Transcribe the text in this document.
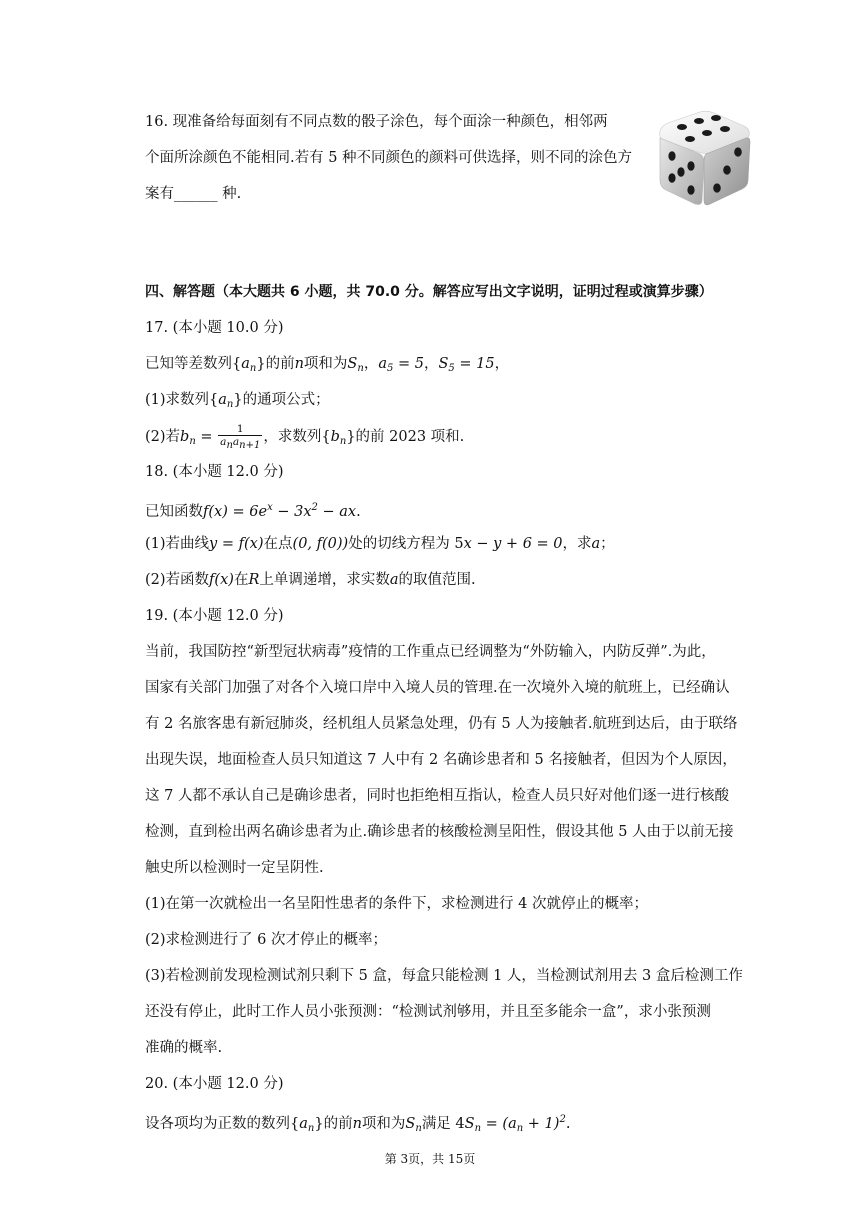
16. 现准备给每面刻有不同点数的骰子涂色，每个面涂一种颜色，相邻两
个面所涂颜色不能相同.若有 5 种不同颜色的颜料可供选择，则不同的涂色方
案有______ 种.
四、解答题（本大题共 6 小题，共 70.0 分。解答应写出文字说明，证明过程或演算步骤）
17. (本小题 10.0 分)
已知等差数列$\{a_n\}$的前n项和为$S_n$，$a_5 = 5$，$S_5 = 15$，
(1)求数列$\{a_n\}$的通项公式；
(2)若$b_n = \frac{1}{a_na_{n+1}}$ ，求数列$\{b_n\}$的前 2023 项和.
18. (本小题 12.0 分)
已知函数$f(x) = 6e^x - 3x^2$ − ax.
(1)若曲线y = f(x)在点(0, f(0))处的切线方程为 5x − y + 6 = 0，求a；
(2)若函数f(x)在R上单调递增，求实数a的取值范围.
19. (本小题 12.0 分)
当前，我国防控“新型冠状病毒”疫情的工作重点已经调整为“外防输入，内防反弹”.为此，
国家有关部门加强了对各个入境口岸中入境人员的管理.在一次境外入境的航班上，已经确认
有 2 名旅客患有新冠肺炎，经机组人员紧急处理，仍有 5 人为接触者.航班到达后，由于联络
出现失误，地面检查人员只知道这 7 人中有 2 名确诊患者和 5 名接触者，但因为个人原因，
这 7 人都不承认自己是确诊患者，同时也拒绝相互指认，检查人员只好对他们逐一进行核酸
检测，直到检出两名确诊患者为止.确诊患者的核酸检测呈阳性，假设其他 5 人由于以前无接
触史所以检测时一定呈阴性.
(1)在第一次就检出一名呈阳性患者的条件下，求检测进行 4 次就停止的概率；
(2)求检测进行了 6 次才停止的概率；
(3)若检测前发现检测试剂只剩下 5 盒，每盒只能检测 1 人，当检测试剂用去 3 盒后检测工作
还没有停止，此时工作人员小张预测：“检测试剂够用，并且至多能余一盒”，求小张预测
准确的概率.
20. (本小题 12.0 分)
设各项均为正数的数列$\{a_n\}$的前n项和为$S_n$满足 $4S_n = (a_n + 1)^2$.
第 3页，共 15页
